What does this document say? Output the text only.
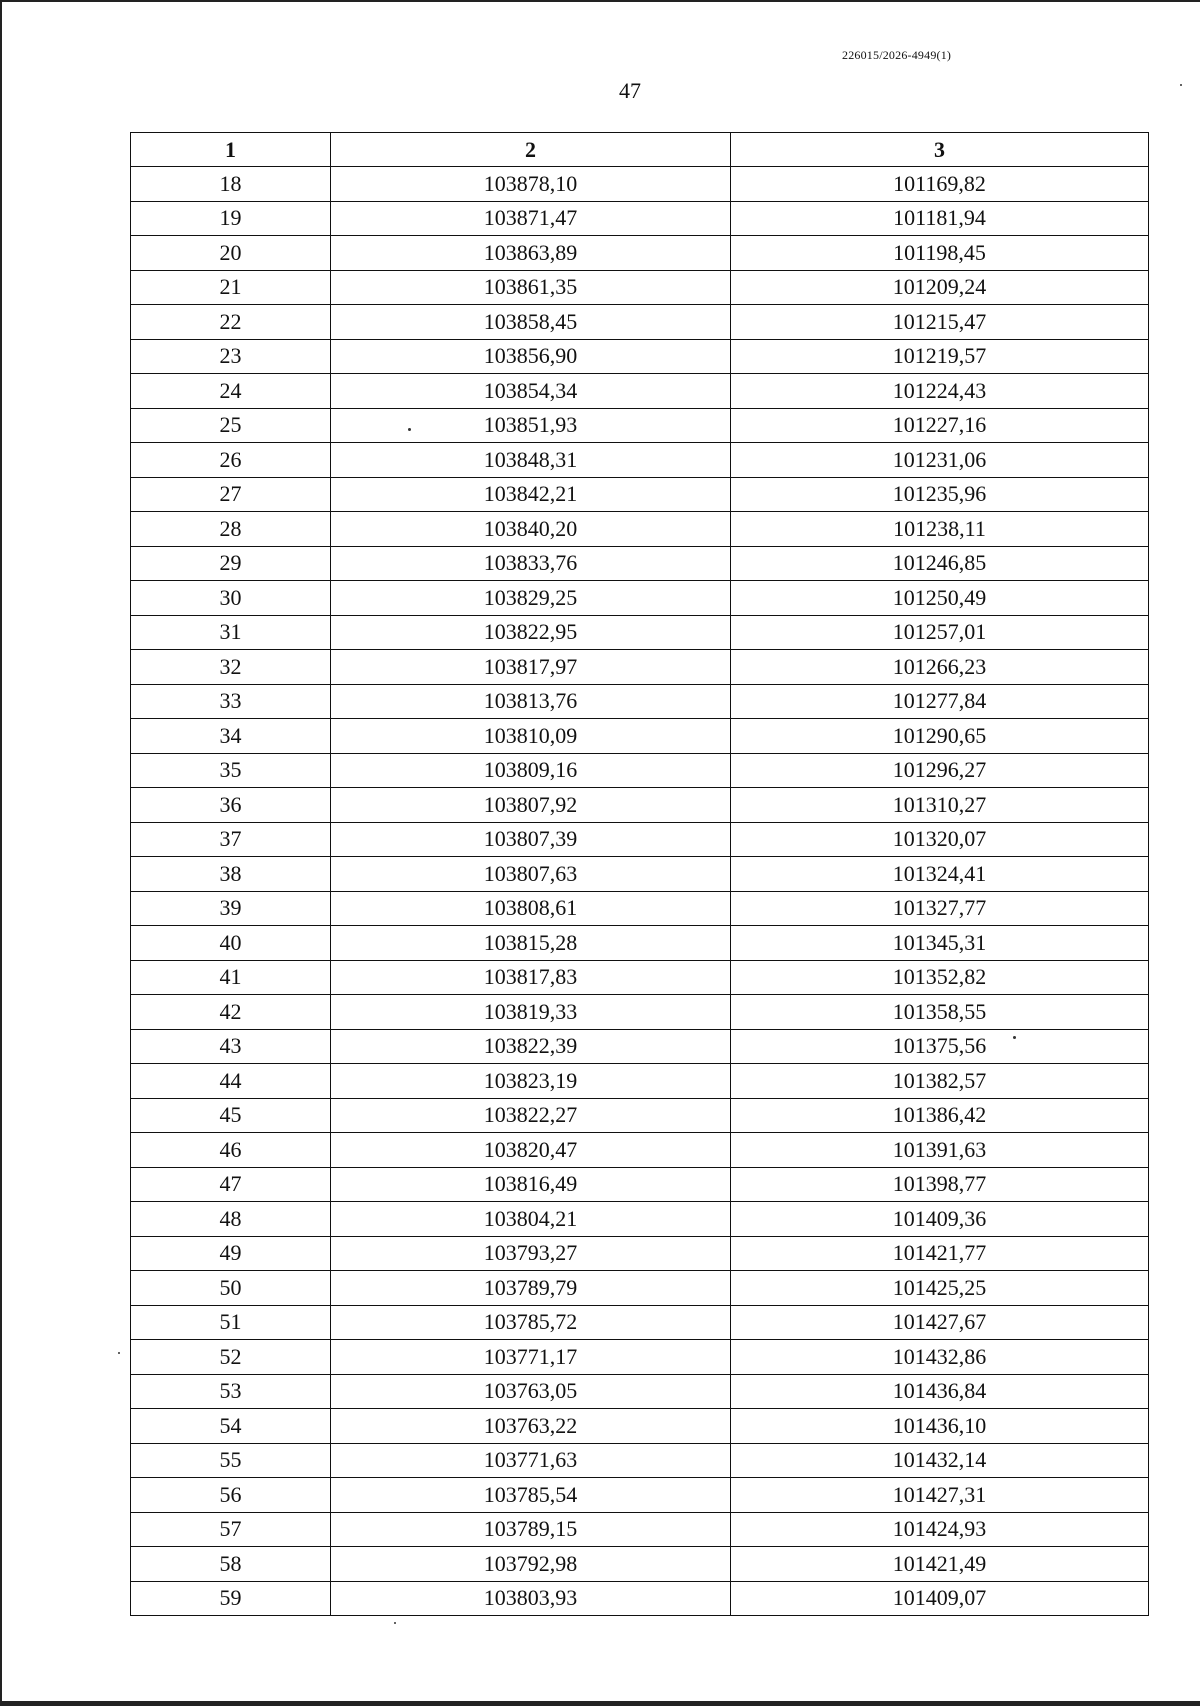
226015/2026-4949(1)
47
1	2	3
18	103878,10	101169,82
19	103871,47	101181,94
20	103863,89	101198,45
21	103861,35	101209,24
22	103858,45	101215,47
23	103856,90	101219,57
24	103854,34	101224,43
25	103851,93	101227,16
26	103848,31	101231,06
27	103842,21	101235,96
28	103840,20	101238,11
29	103833,76	101246,85
30	103829,25	101250,49
31	103822,95	101257,01
32	103817,97	101266,23
33	103813,76	101277,84
34	103810,09	101290,65
35	103809,16	101296,27
36	103807,92	101310,27
37	103807,39	101320,07
38	103807,63	101324,41
39	103808,61	101327,77
40	103815,28	101345,31
41	103817,83	101352,82
42	103819,33	101358,55
43	103822,39	101375,56
44	103823,19	101382,57
45	103822,27	101386,42
46	103820,47	101391,63
47	103816,49	101398,77
48	103804,21	101409,36
49	103793,27	101421,77
50	103789,79	101425,25
51	103785,72	101427,67
52	103771,17	101432,86
53	103763,05	101436,84
54	103763,22	101436,10
55	103771,63	101432,14
56	103785,54	101427,31
57	103789,15	101424,93
58	103792,98	101421,49
59	103803,93	101409,07
